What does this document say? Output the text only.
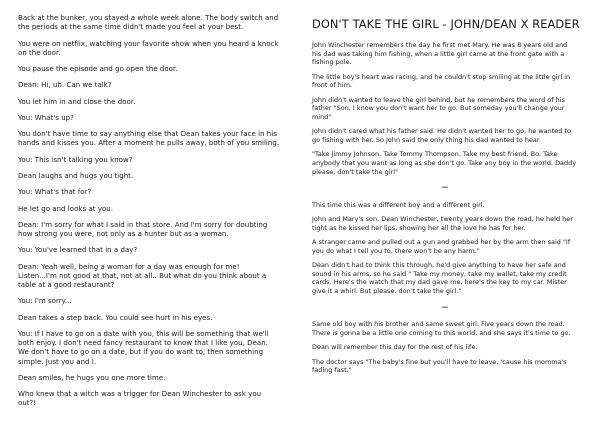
Back at the bunker, you stayed a whole week alone. The body switch and the periods at the same time didn't made you feel at your best.

You were on netflix, watching your favorite show when you heard a knock on the door.

You pause the episode and go open the door.

Dean: Hi, uh. Can we talk?

You let him in and close the door.

You: What's up?

You don't have time to say anything else that Dean takes your face in his hands and kisses you. After a moment he pulls away, both of you smiling.

You: This isn't talking you know?

Dean laughs and hugs you tight.

You: What's that for?

He let go and looks at you.

Dean: I'm sorry for what I said in that store. And I'm sorry for doubting how strong you were, not only as a hunter but as a woman.

You: You've learned that in a day?

Dean: Yeah well, being a woman for a day was enough for me! Listen...I'm not good at that, not at all.. But what do you think about a table at a good restaurant?

You: I'm sorry...

Dean takes a step back. You could see hurt in his eyes.

You: If I have to go on a date with you, this will be something that we'll both enjoy. I don't need fancy restaurant to know that I like you, Dean. We don't have to go on a date, but if you do want to, then something simple. Just you and I.

Dean smiles, he hugs you one more time.

Who knew that a witch was a trigger for Dean Winchester to ask you out?!

DON'T TAKE THE GIRL - JOHN/DEAN X READER

John Winchester remembers the day he first met Mary. He was 8 years old and his dad was taking him fishing, when a little girl came at the front gate with a fishing pole.

The little boy's heart was racing, and he couldn't stop smiling at the little girl in front of him.

John didn't wanted to leave the girl behind, but he remembers the word of his father "Son, I know you don't want her to go. But someday you'll change your mind"

John didn't cared what his father said. He didn't wanted her to go, he wanted to go fishing with her. So John said the only thing his dad wanted to hear.

"Take Jimmy Johnson. Take Tommy Thompson. Take my best friend, Bo. Take anybody that you want as long as she don't go. Take any boy in the world. Daddy please, don't take the girl"

—

This time this was a different boy and a different girl.

John and Mary's son, Dean Winchester, twenty years down the road, he held her tight as he kissed her lips, showing her all the love he has for her.

A stranger came and pulled out a gun and grabbed her by the arm then said "If you do what I tell you to, there won't be any harm."

Dean didn't had to think this through, he'd give anything to have her safe and sound in his arms, so he said " Take my money, take my wallet, take my credit cards. Here's the watch that my dad gave me, here's the key to my car. Mister give it a whirl. But please, don't take the girl."

—

Same old boy with his brother and same sweet girl. Five years down the road. There is gonna be a little one coming to this world, and she says it's time to go.

Dean will remember this day for the rest of his life.

The doctor says "The baby's fine but you'll have to leave, 'cause his momma's fading fast."
